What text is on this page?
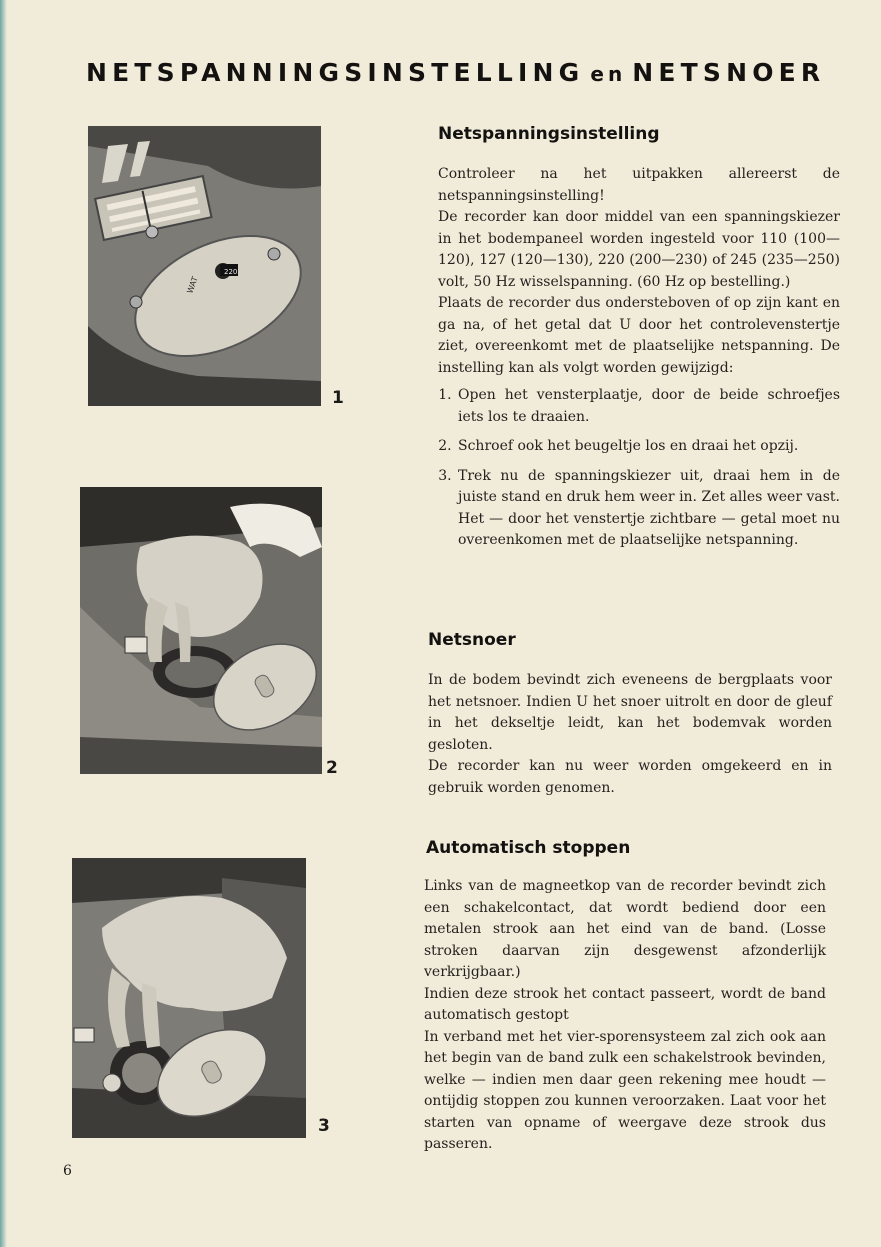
NETSPANNINGSINSTELLING en NETSNOER
220
WAT
1
2
3
Netspanningsinstelling

Controleer na het uitpakken allereerst de netspanningsinstelling!

De recorder kan door middel van een spanningskiezer in het bodempaneel worden ingesteld voor 110 (100—120), 127 (120—130), 220 (200—230) of 245 (235—250) volt, 50 Hz wisselspanning. (60 Hz op bestelling.)

Plaats de recorder dus ondersteboven of op zijn kant en ga na, of het getal dat U door het controlevenstertje ziet, overeenkomt met de plaatselijke netspanning. De instelling kan als volgt worden gewijzigd:

1. Open het vensterplaatje, door de beide schroefjes iets los te draaien.
2. Schroef ook het beugeltje los en draai het opzij.
3. Trek nu de spanningskiezer uit, draai hem in de juiste stand en druk hem weer in. Zet alles weer vast. Het — door het venstertje zichtbare — getal moet nu overeenkomen met de plaatselijke netspanning.
Netsnoer

In de bodem bevindt zich eveneens de bergplaats voor het netsnoer. Indien U het snoer uitrolt en door de gleuf in het dekseltje leidt, kan het bodemvak worden gesloten.

De recorder kan nu weer worden omgekeerd en in gebruik worden genomen.

Automatisch stoppen

Links van de magneetkop van de recorder bevindt zich een schakelcontact, dat wordt bediend door een metalen strook aan het eind van de band. (Losse stroken daarvan zijn desgewenst afzonderlijk verkrijgbaar.)

Indien deze strook het contact passeert, wordt de band automatisch gestopt

In verband met het vier-sporensysteem zal zich ook aan het begin van de band zulk een schakelstrook bevinden, welke — indien men daar geen rekening mee houdt — ontijdig stoppen zou kunnen veroorzaken. Laat voor het starten van opname of weergave deze strook dus passeren.

6
